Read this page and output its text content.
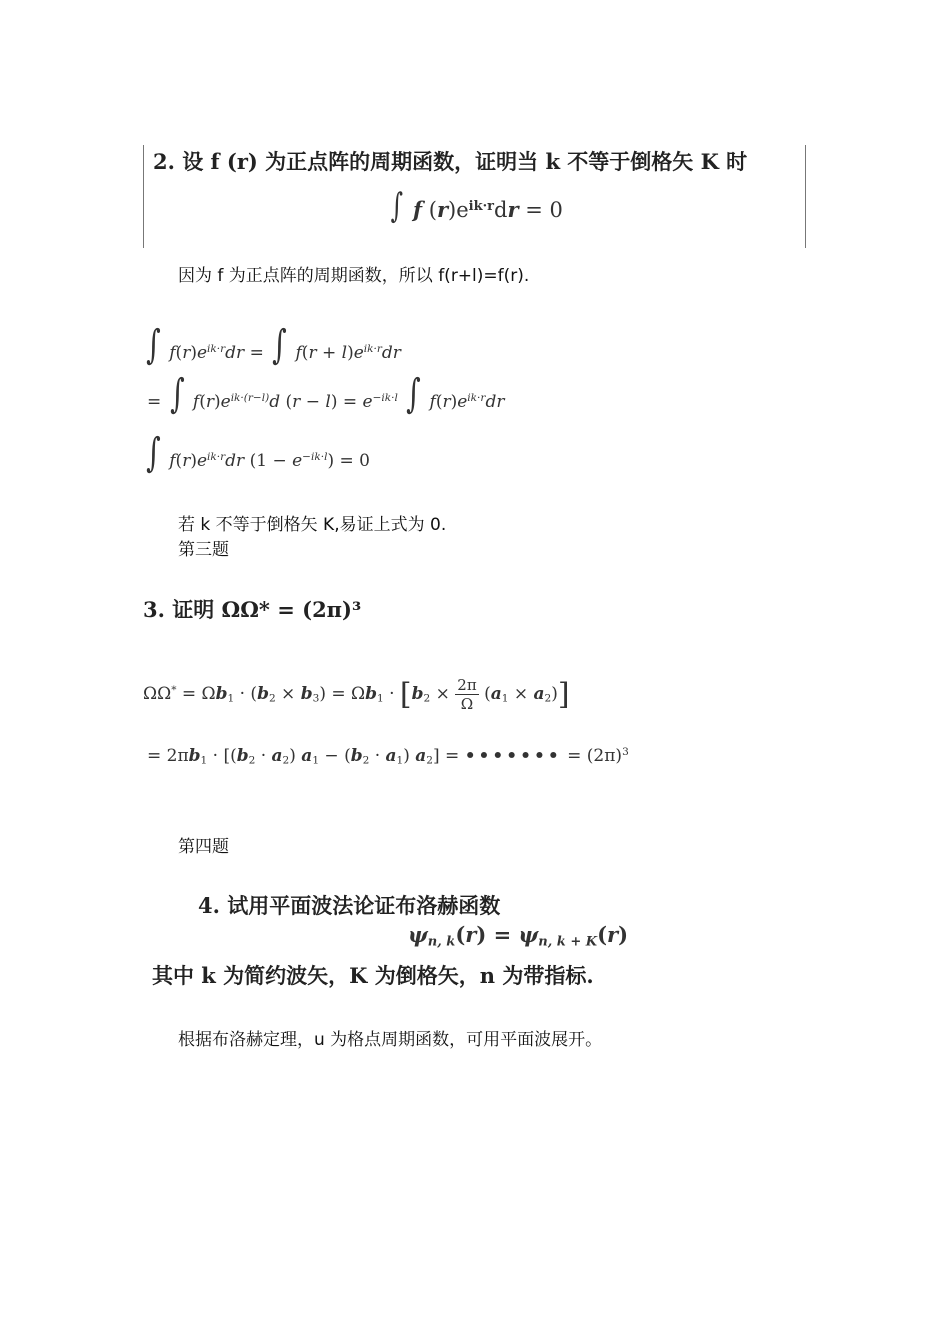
2. 设 f (r) 为正点阵的周期函数，证明当 k 不等于倒格矢 K 时
∫ f $(r)e^{ik\cdot r}dr = 0$
因为 f 为正点阵的周期函数，所以 f(r+l)=f(r).
∫ $f(r)e^{ik\cdot r}dr$ = ∫ $f(r + l)e^{ik\cdot r}dr$
= ∫ $f(r)e^{ik\cdot(r-l)}d$ $(r - l) = e^{-ik\cdot l}$ ∫ $f(r)e^{ik\cdot r}dr$
∫ $f(r)e^{ik\cdot r}dr$ $(1 - e^{-ik\cdot l}) = 0$
若 k 不等于倒格矢 K,易证上式为 0.
第三题
3. 证明 ΩΩ* = (2π)³
$\Omega\Omega^* = \Omega b_1 \cdot (b_2 \times b_3) = \Omega b_1 \cdot [b_2 \times \frac{2\pi}{\Omega} (a_1 \times a_2)]$
= $2\pi b_1 \cdot [(b_2 \cdot a_2) a_1 - (b_2 \cdot a_1) a_2]$ = ••••••• = $(2\pi)^3$
第四题
4. 试用平面波法论证布洛赫函数
$\psi_{n, k}(r) = \psi_{n, k + K}(r)$
其中 k 为简约波矢，K 为倒格矢，n 为带指标.
根据布洛赫定理，u 为格点周期函数，可用平面波展开。
